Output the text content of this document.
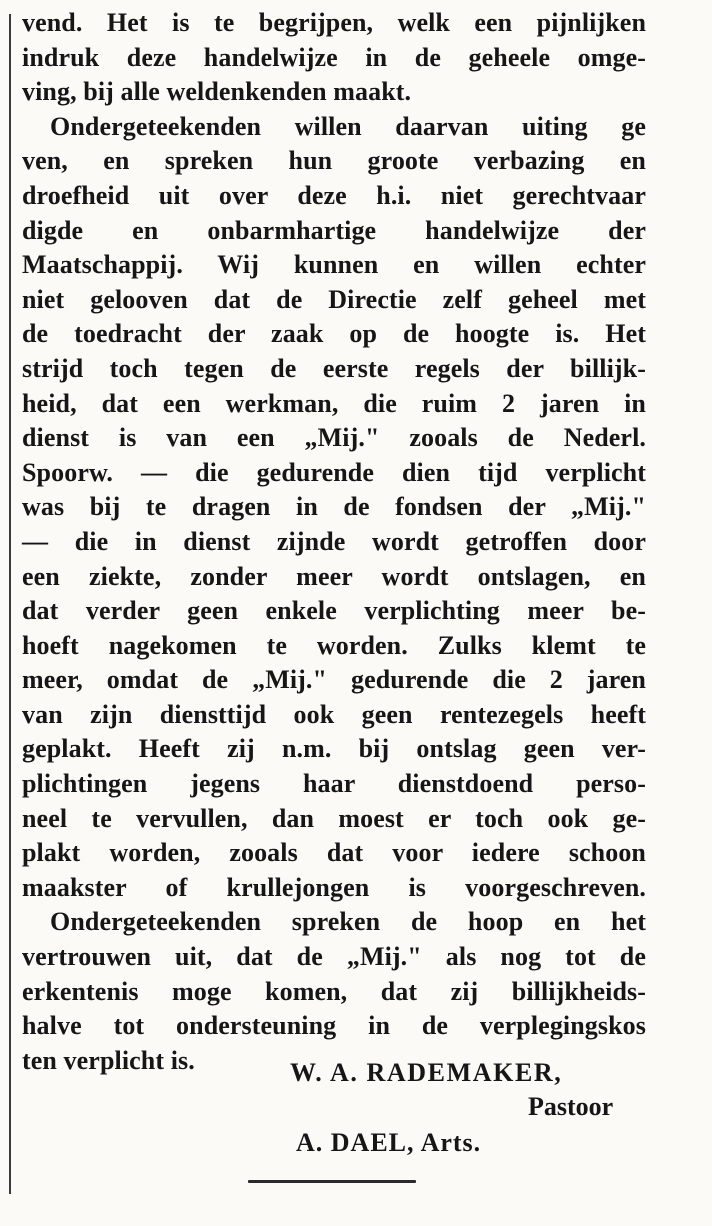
vend. Het is te begrijpen, welk een pijnlijken
indruk deze handelwijze in de geheele omge-
ving, bij alle weldenkenden maakt.
Ondergeteekenden willen daarvan uiting ge
ven, en spreken hun groote verbazing en
droefheid uit over deze h.i. niet gerechtvaar
digde en onbarmhartige handelwijze der
Maatschappij. Wij kunnen en willen echter
niet gelooven dat de Directie zelf geheel met
de toedracht der zaak op de hoogte is. Het
strijd toch tegen de eerste regels der billijk-
heid, dat een werkman, die ruim 2 jaren in
dienst is van een „Mij." zooals de Nederl.
Spoorw. — die gedurende dien tijd verplicht
was bij te dragen in de fondsen der „Mij."
— die in dienst zijnde wordt getroffen door
een ziekte, zonder meer wordt ontslagen, en
dat verder geen enkele verplichting meer be-
hoeft nagekomen te worden. Zulks klemt te
meer, omdat de „Mij." gedurende die 2 jaren
van zijn diensttijd ook geen rentezegels heeft
geplakt. Heeft zij n.m. bij ontslag geen ver-
plichtingen jegens haar dienstdoend perso-
neel te vervullen, dan moest er toch ook ge-
plakt worden, zooals dat voor iedere schoon
maakster of krullejongen is voorgeschreven.
Ondergeteekenden spreken de hoop en het
vertrouwen uit, dat de „Mij." als nog tot de
erkentenis moge komen, dat zij billijkheids-
halve tot ondersteuning in de verplegingskos
ten verplicht is.	W. A. RADEMAKER,
Pastoor
A. DAEL, Arts.
